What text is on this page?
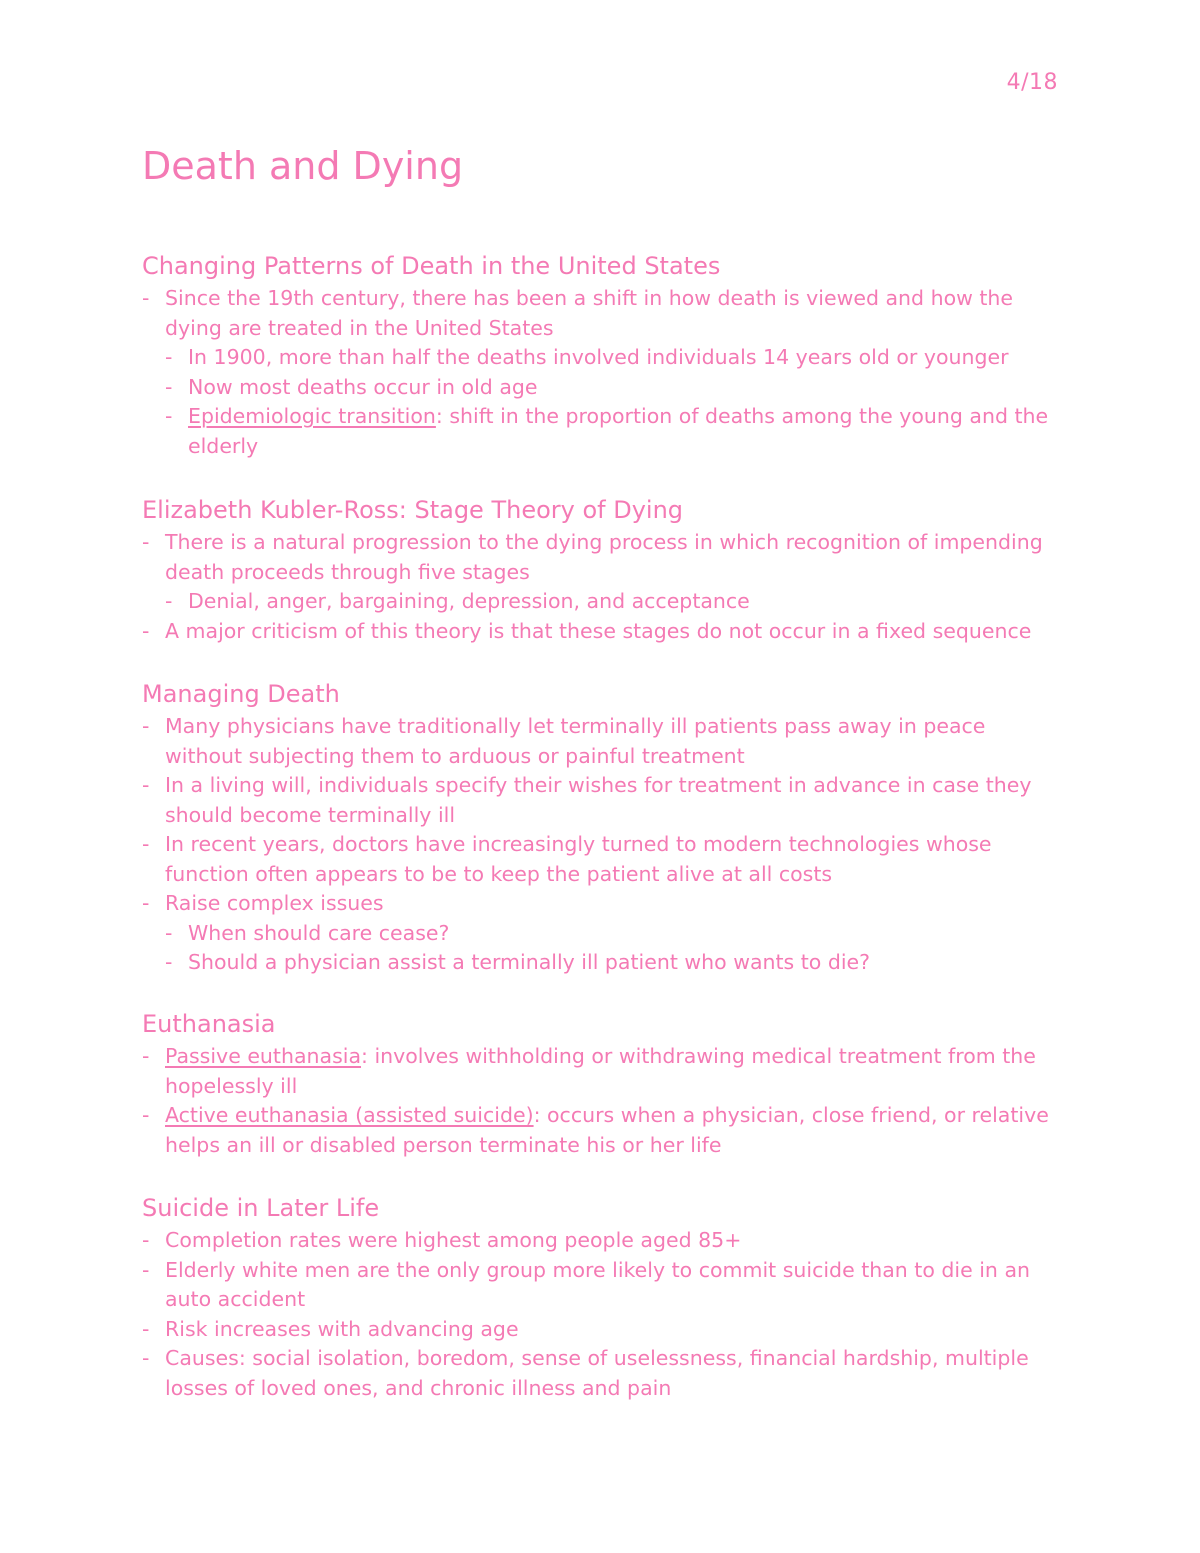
4/18
Death and Dying
Changing Patterns of Death in the United States
- Since the 19th century, there has been a shift in how death is viewed and how the dying are treated in the United States
- In 1900, more than half the deaths involved individuals 14 years old or younger
- Now most deaths occur in old age
- Epidemiologic transition: shift in the proportion of deaths among the young and the elderly
Elizabeth Kubler-Ross: Stage Theory of Dying
- There is a natural progression to the dying process in which recognition of impending death proceeds through five stages
- Denial, anger, bargaining, depression, and acceptance
- A major criticism of this theory is that these stages do not occur in a fixed sequence
Managing Death
- Many physicians have traditionally let terminally ill patients pass away in peace without subjecting them to arduous or painful treatment
- In a living will, individuals specify their wishes for treatment in advance in case they should become terminally ill
- In recent years, doctors have increasingly turned to modern technologies whose function often appears to be to keep the patient alive at all costs
- Raise complex issues
- When should care cease?
- Should a physician assist a terminally ill patient who wants to die?
Euthanasia
- Passive euthanasia: involves withholding or withdrawing medical treatment from the hopelessly ill
- Active euthanasia (assisted suicide): occurs when a physician, close friend, or relative helps an ill or disabled person terminate his or her life
Suicide in Later Life
- Completion rates were highest among people aged 85+
- Elderly white men are the only group more likely to commit suicide than to die in an auto accident
- Risk increases with advancing age
- Causes: social isolation, boredom, sense of uselessness, financial hardship, multiple losses of loved ones, and chronic illness and pain
